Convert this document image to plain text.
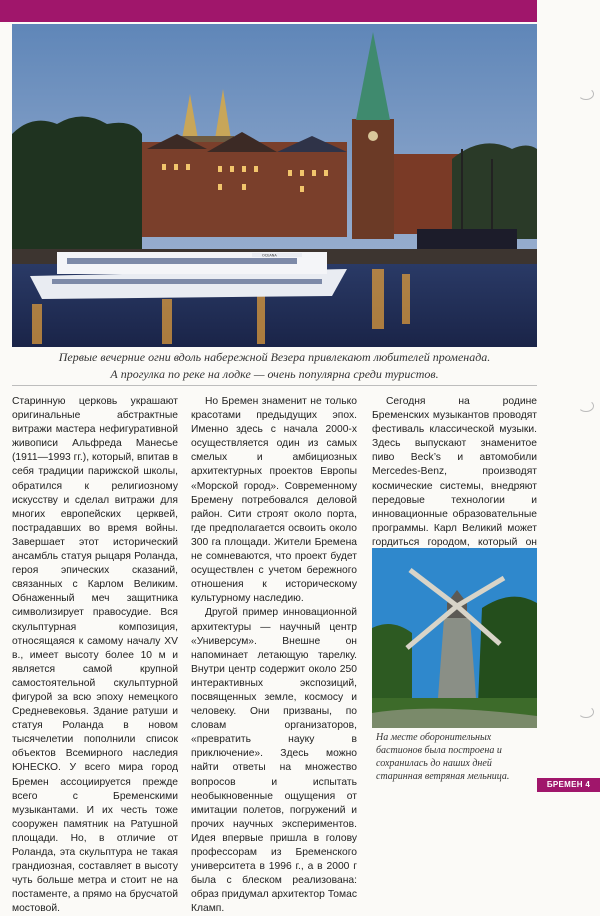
OCEANA
Первые вечерние огни вдоль набережной Везера привлекают любителей променада.
А прогулка по реке на лодке — очень популярна среди туристов.

Старинную церковь украшают оригинальные абстрактные витражи мастера нефигуративной живописи Альфреда Манесье (1911—1993 гг.), который, впитав в себя традиции парижской школы, обратился к религиозному искусству и сделал витражи для многих европейских церквей, пострадавших во время войны. Завершает этот исторический ансамбль статуя рыцаря Роланда, героя эпических сказаний, связанных с Карлом Великим. Обнаженный меч защитника символизирует правосудие. Вся скульптурная композиция, относящаяся к самому началу XV в., имеет высоту более 10 м и является самой крупной самостоятельной скульптурной фигурой за всю эпоху немецкого Средневековья. Здание ратуши и статуя Роланда в новом тысячелетии пополнили список объектов Всемирного наследия ЮНЕСКО. У всего мира город Бремен ассоциируется прежде всего с Бременскими музыкантами. И их честь тоже сооружен памятник на Ратушной площади. Но, в отличие от Роланда, эта скульптура не такая грандиозная, составляет в высоту чуть больше метра и стоит не на постаменте, а прямо на брусчатой мостовой.

Но Бремен знаменит не только красотами предыдущих эпох. Именно здесь с начала 2000-х осуществляется один из самых смелых и амбициозных архитектурных проектов Европы «Морской город». Современному Бремену потребовался деловой район. Сити строят около порта, где предполагается освоить около 300 га площади. Жители Бремена не сомневаются, что проект будет осуществлен с учетом бережного отношения к историческому культурному наследию.

Другой пример инновационной архитектуры — научный центр «Универсум». Внешне он напоминает летающую тарелку. Внутри центр содержит около 250 интерактивных экспозиций, посвященных земле, космосу и человеку. Они призваны, по словам организаторов, «превратить науку в приключение». Здесь можно найти ответы на множество вопросов и испытать необыкновенные ощущения от имитации полетов, погружений и прочих научных экспериментов. Идея впервые пришла в голову профессорам из Бременского университета в 1996 г., а в 2000 г была с блеском реализована: образ придумал архитектор Томас Кламп.

Сегодня на родине Бременских музыкантов проводят фестиваль классической музыки. Здесь выпускают знаменитое пиво Beck’s и автомобили Mercedes-Benz, производят космические системы, внедряют передовые технологии и инновационные образовательные программы. Карл Великий может гордиться городом, который он

На месте оборонительных бастионов была построена и сохранилась до наших дней старинная ветряная мельница.
БРЕМЕН 4
